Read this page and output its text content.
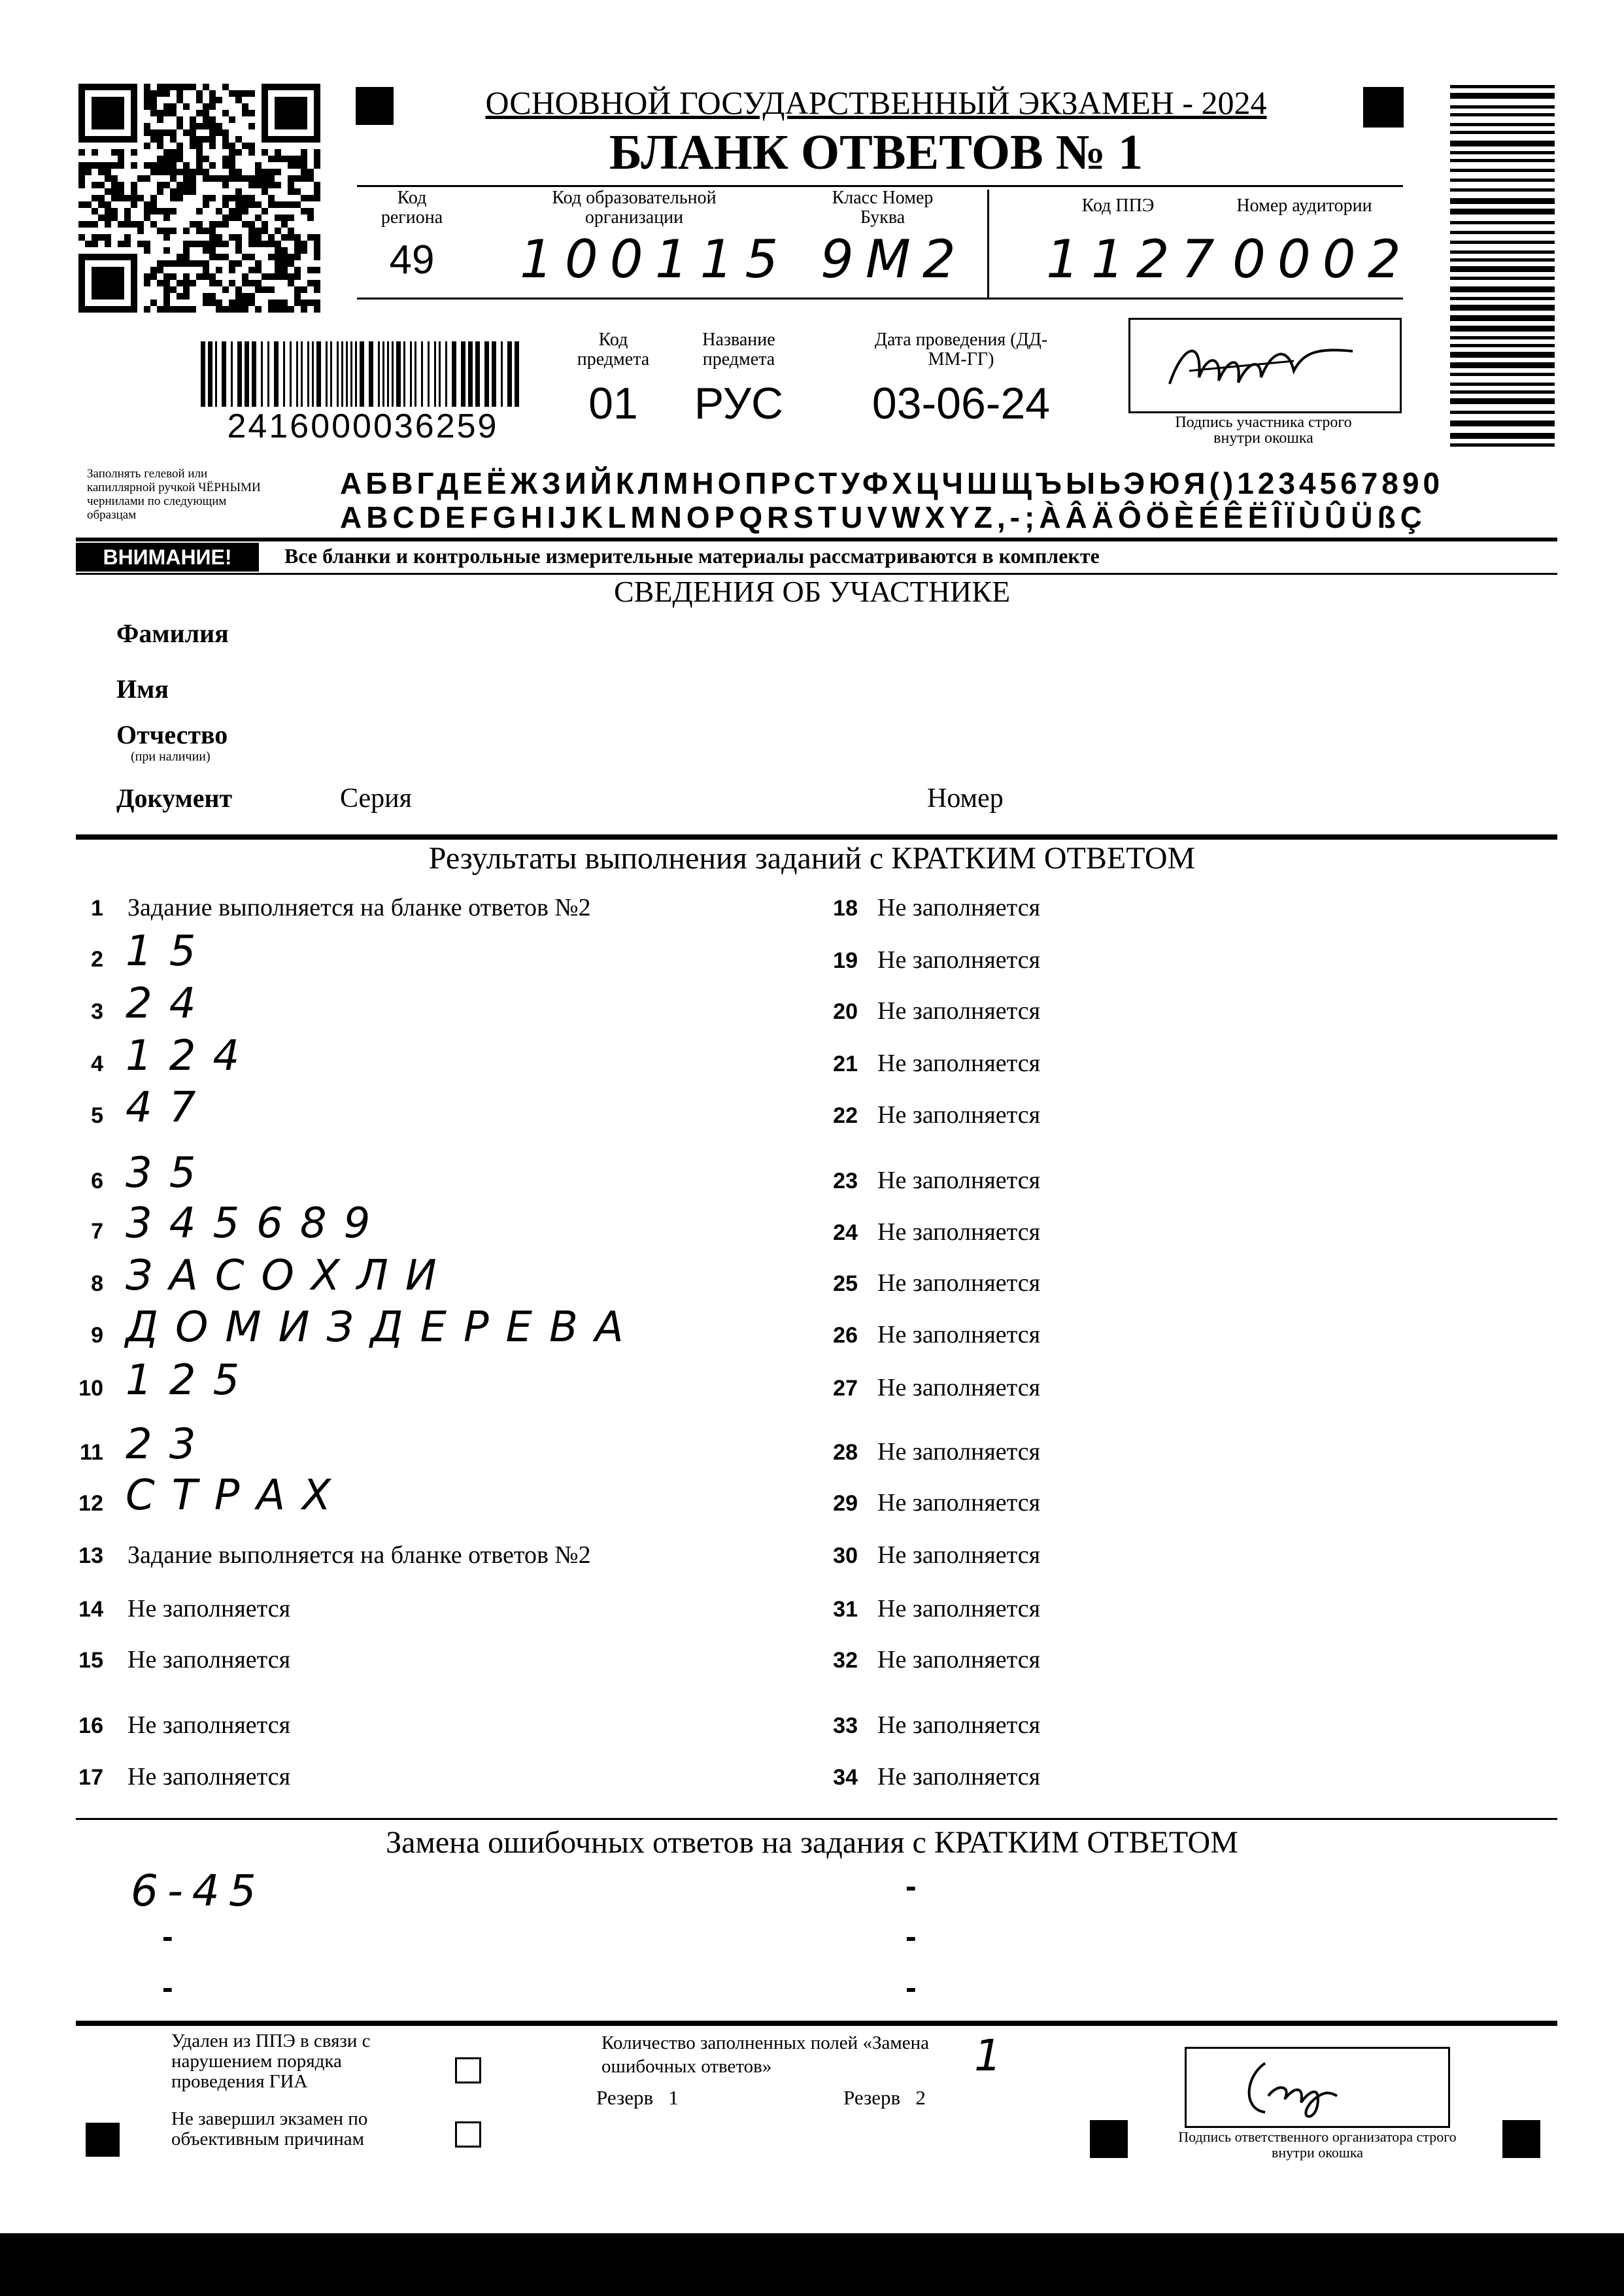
ОСНОВНОЙ ГОСУДАРСТВЕННЫЙ ЭКЗАМЕН - 2024
БЛАНК ОТВЕТОВ № 1
Код региона
49
Код образовательной организации
100115
Класс Номер Буква
9М2
Код ППЭ
1127
Номер аудитории
0002
2416000036259
Код предмета
01
Название предмета
РУС
Дата проведения (ДД-ММ-ГГ)
03-06-24	Подпись участника строго внутри окошка
Заполнять гелевой или капиллярной ручкой ЧЁРНЫМИ чернилами по следующим образцам
АБВГДЕЁЖЗИЙКЛМНОПРСТУФХЦЧШЩЪЫЬЭЮЯ()1234567890
ABCDEFGHIJKLMNOPQRSTUVWXYZ,-;ÀÂÄÔÖÈÉÊËÎÏÙÛÜßÇ
ВНИМАНИЕ!	Все бланки и контрольные измерительные материалы рассматриваются в комплекте
СВЕДЕНИЯ ОБ УЧАСТНИКЕ
Фамилия
Имя
Отчество
(при наличии)
Документ	Серия	Номер
Результаты выполнения заданий с КРАТКИМ ОТВЕТОМ
1 Задание выполняется на бланке ответов №2
2 15
3 24
4 124
5 47
6 35
7 345689
8 ЗАСОХЛИ
9 ДОМИЗДЕРЕВА
10 125
11 23
12 СТРАХ
13 Задание выполняется на бланке ответов №2
14 Не заполняется
15 Не заполняется
16 Не заполняется
17 Не заполняется
18 Не заполняется
19 Не заполняется
20 Не заполняется
21 Не заполняется
22 Не заполняется
23 Не заполняется
24 Не заполняется
25 Не заполняется
26 Не заполняется
27 Не заполняется
28 Не заполняется
29 Не заполняется
30 Не заполняется
31 Не заполняется
32 Не заполняется
33 Не заполняется
34 Не заполняется
Замена ошибочных ответов на задания с КРАТКИМ ОТВЕТОМ
6-45
-
-
-
-
-
Удален из ППЭ в связи с нарушением порядка проведения ГИА
Не завершил экзамен по объективным причинам
Количество заполненных полей «Замена ошибочных ответов»	1
Резерв   1	Резерв   2
Подпись ответственного организатора строго внутри окошка
